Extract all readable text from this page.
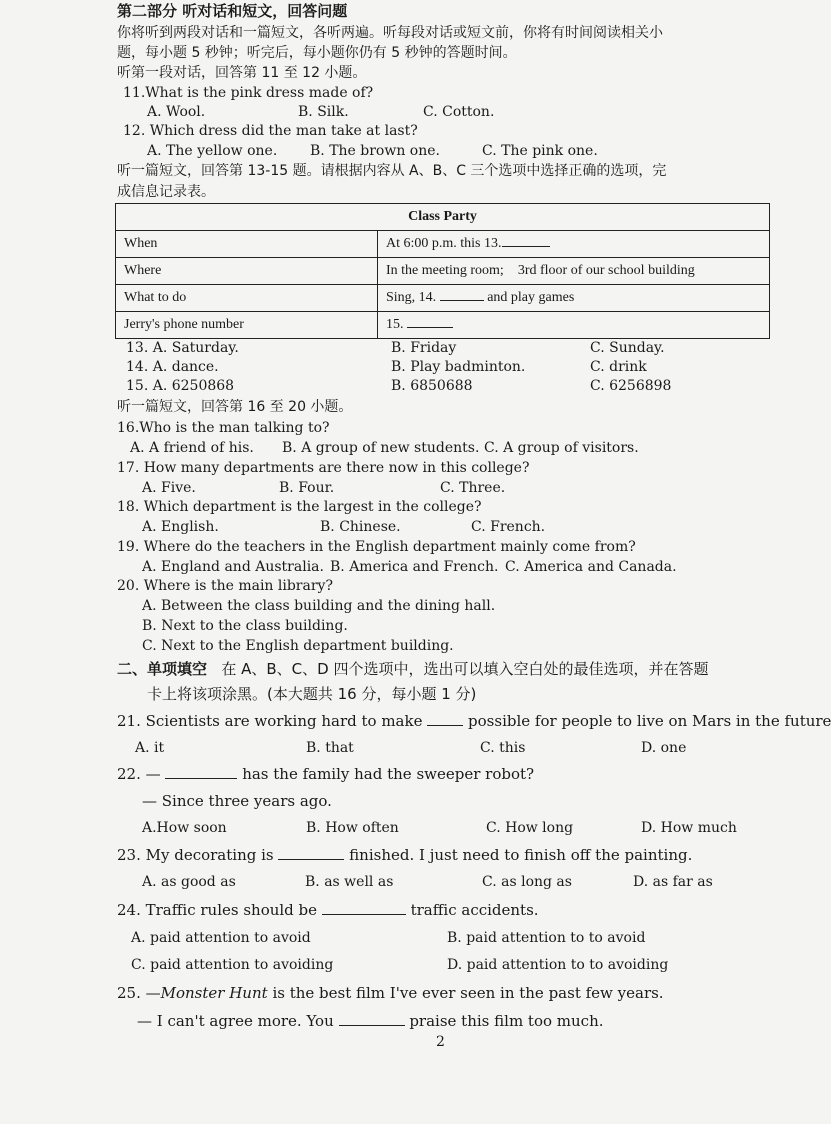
第二部分 听对话和短文，回答问题
你将听到两段对话和一篇短文，各听两遍。听每段对话或短文前，你将有时间阅读相关小
题，每小题 5 秒钟；听完后，每小题你仍有 5 秒钟的答题时间。
听第一段对话，回答第 11 至 12 小题。
11.What is the pink dress made of?
A. Wool.	B. Silk.	C. Cotton.
12. Which dress did the man take at last?
A. The yellow one. B. The brown one.	C. The pink one.
听一篇短文，回答第 13-15 题。请根据内容从 A、B、C 三个选项中选择正确的选项，完
成信息记录表。
Class Party	
When	At 6:00 p.m. this 13.
Where	In the meeting room; 3rd floor of our school building
What to do	Sing, 14. and play games
Jerry's phone number	15.
13. A. Saturday.	B. Friday	C. Sunday.
14. A. dance.	B. Play badminton.	C. drink
15. A. 6250868	B. 6850688	C. 6256898
听一篇短文，回答第 16 至 20 小题。
16.Who is the man talking to?
A. A friend of his. B. A group of new students. C. A group of visitors.
17. How many departments are there now in this college?
A. Five.	B. Four.	C. Three.
18. Which department is the largest in the college?
A. English.	B. Chinese.	C. French.
19. Where do the teachers in the English department mainly come from?
A. England and Australia. B. America and French. C. America and Canada.
20. Where is the main library?
A. Between the class building and the dining hall.
B. Next to the class building.
C. Next to the English department building.
二、单项填空 在 A、B、C、D 四个选项中，选出可以填入空白处的最佳选项，并在答题
卡上将该项涂黑。(本大题共 16 分，每小题 1 分)
21. Scientists are working hard to make	possible for people to live on Mars in the future
A. it	B. that	C. this	D. one
22. —	has the family had the sweeper robot?
— Since three years ago.
A.How soon	B. How often	C. How long	D. How much
23. My decorating is	finished. I just need to finish off the painting.
A. as good as	B. as well as	C. as long as	D. as far as
24. Traffic rules should be	traffic accidents.
A. paid attention to avoid	B. paid attention to to avoid
C. paid attention to avoiding	D. paid attention to to avoiding
25. —Monster Hunt is the best film I've ever seen in the past few years.
— I can't agree more. You	praise this film too much.
2
